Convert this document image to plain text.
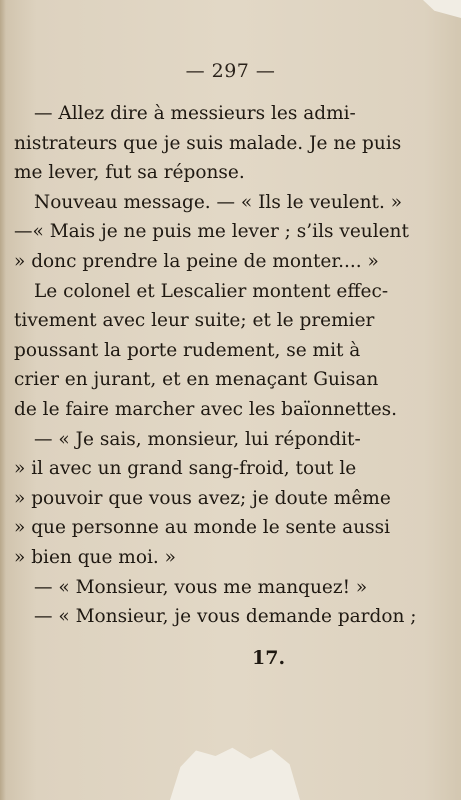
— 297 —
— Allez dire à messieurs les admi-
nistrateurs que je suis malade. Je ne puis
me lever, fut sa réponse.
Nouveau message. — « Ils le veulent. »
—« Mais je ne puis me lever ; s’ils veulent
» donc prendre la peine de monter.... »
Le colonel et Lescalier montent effec-
tivement avec leur suite; et le premier
poussant la porte rudement, se mit à
crier en jurant, et en menaçant Guisan
de le faire marcher avec les baïonnettes.
— « Je sais, monsieur, lui répondit-
» il avec un grand sang-froid, tout le
» pouvoir que vous avez; je doute même
» que personne au monde le sente aussi
» bien que moi. »
— « Monsieur, vous me manquez! »
— « Monsieur, je vous demande pardon ;
17.
